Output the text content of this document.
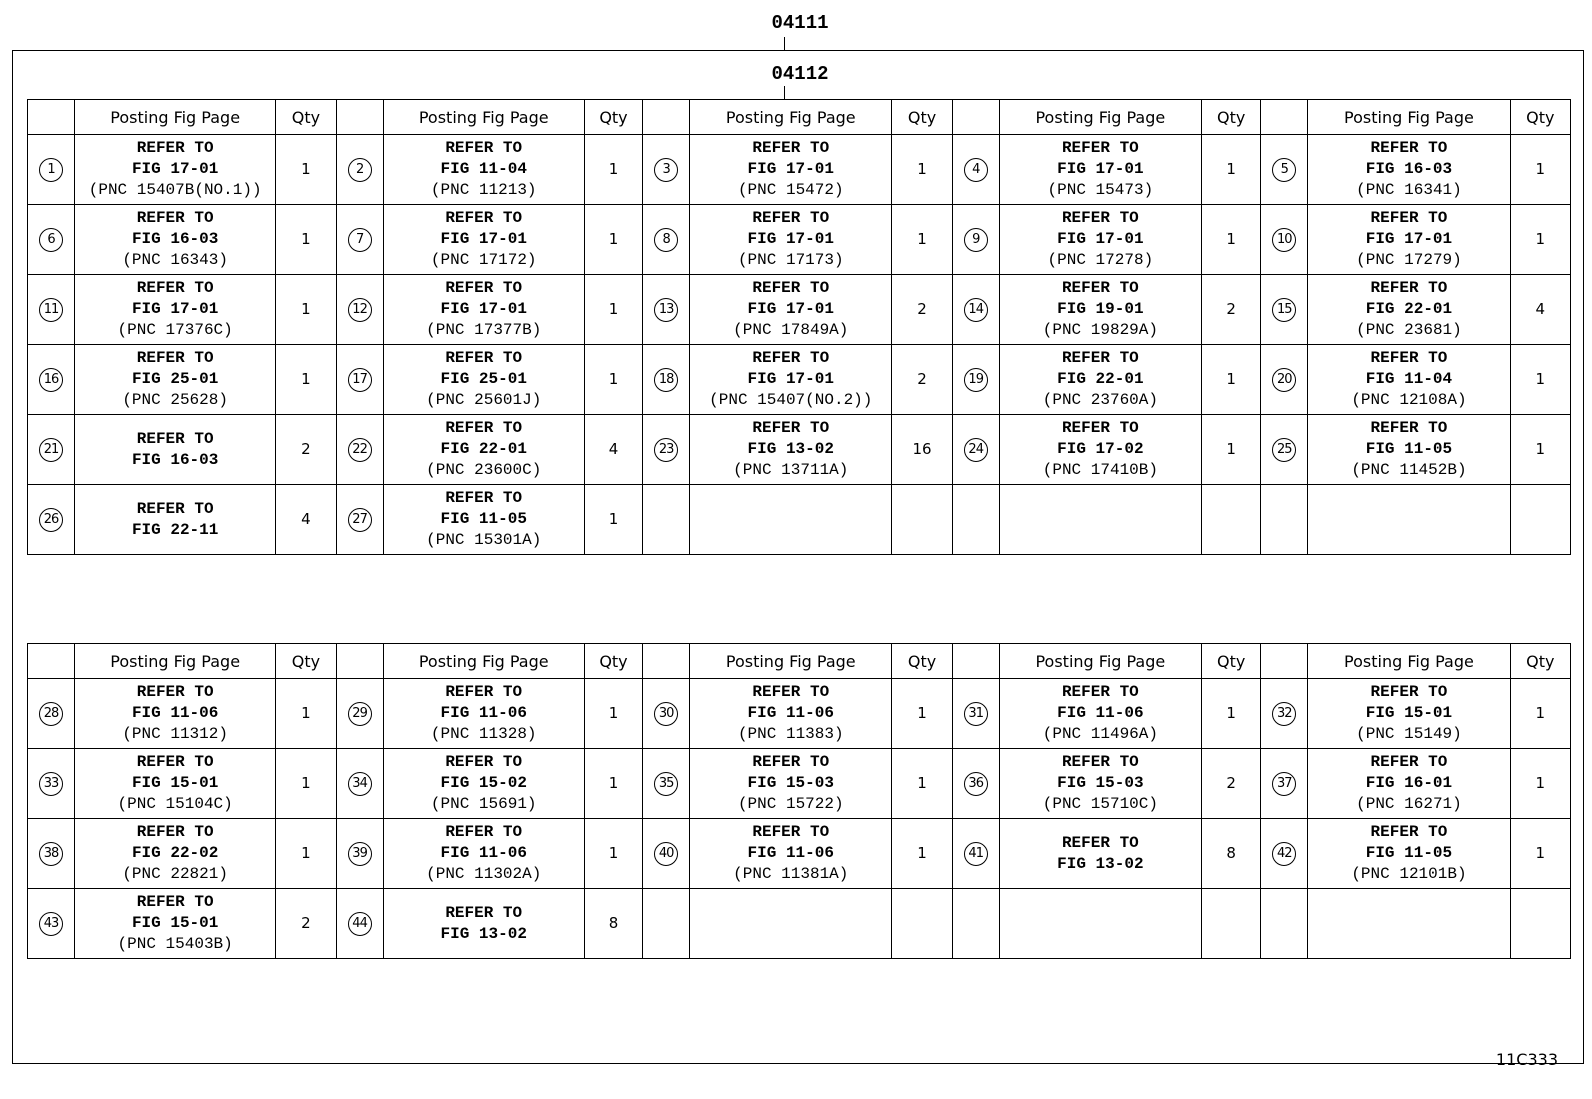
04111
04112
	Posting Fig Page	Qty		Posting Fig Page	Qty		Posting Fig Page	Qty		Posting Fig Page	Qty		Posting Fig Page	Qty
1	REFER TO
FIG 17-01
(PNC 15407B(NO.1))	1	2	REFER TO
FIG 11-04
(PNC 11213)	1	3	REFER TO
FIG 17-01
(PNC 15472)	1	4	REFER TO
FIG 17-01
(PNC 15473)	1	5	REFER TO
FIG 16-03
(PNC 16341)	1
6	REFER TO
FIG 16-03
(PNC 16343)	1	7	REFER TO
FIG 17-01
(PNC 17172)	1	8	REFER TO
FIG 17-01
(PNC 17173)	1	9	REFER TO
FIG 17-01
(PNC 17278)	1	10	REFER TO
FIG 17-01
(PNC 17279)	1
11	REFER TO
FIG 17-01
(PNC 17376C)	1	12	REFER TO
FIG 17-01
(PNC 17377B)	1	13	REFER TO
FIG 17-01
(PNC 17849A)	2	14	REFER TO
FIG 19-01
(PNC 19829A)	2	15	REFER TO
FIG 22-01
(PNC 23681)	4
16	REFER TO
FIG 25-01
(PNC 25628)	1	17	REFER TO
FIG 25-01
(PNC 25601J)	1	18	REFER TO
FIG 17-01
(PNC 15407(NO.2))	2	19	REFER TO
FIG 22-01
(PNC 23760A)	1	20	REFER TO
FIG 11-04
(PNC 12108A)	1
21	REFER TO
FIG 16-03	2	22	REFER TO
FIG 22-01
(PNC 23600C)	4	23	REFER TO
FIG 13-02
(PNC 13711A)	16	24	REFER TO
FIG 17-02
(PNC 17410B)	1	25	REFER TO
FIG 11-05
(PNC 11452B)	1
26	REFER TO
FIG 22-11	4	27	REFER TO
FIG 11-05
(PNC 15301A)	1									
	Posting Fig Page	Qty		Posting Fig Page	Qty		Posting Fig Page	Qty		Posting Fig Page	Qty		Posting Fig Page	Qty
28	REFER TO
FIG 11-06
(PNC 11312)	1	29	REFER TO
FIG 11-06
(PNC 11328)	1	30	REFER TO
FIG 11-06
(PNC 11383)	1	31	REFER TO
FIG 11-06
(PNC 11496A)	1	32	REFER TO
FIG 15-01
(PNC 15149)	1
33	REFER TO
FIG 15-01
(PNC 15104C)	1	34	REFER TO
FIG 15-02
(PNC 15691)	1	35	REFER TO
FIG 15-03
(PNC 15722)	1	36	REFER TO
FIG 15-03
(PNC 15710C)	2	37	REFER TO
FIG 16-01
(PNC 16271)	1
38	REFER TO
FIG 22-02
(PNC 22821)	1	39	REFER TO
FIG 11-06
(PNC 11302A)	1	40	REFER TO
FIG 11-06
(PNC 11381A)	1	41	REFER TO
FIG 13-02	8	42	REFER TO
FIG 11-05
(PNC 12101B)	1
43	REFER TO
FIG 15-01
(PNC 15403B)	2	44	REFER TO
FIG 13-02	8									
11C333
